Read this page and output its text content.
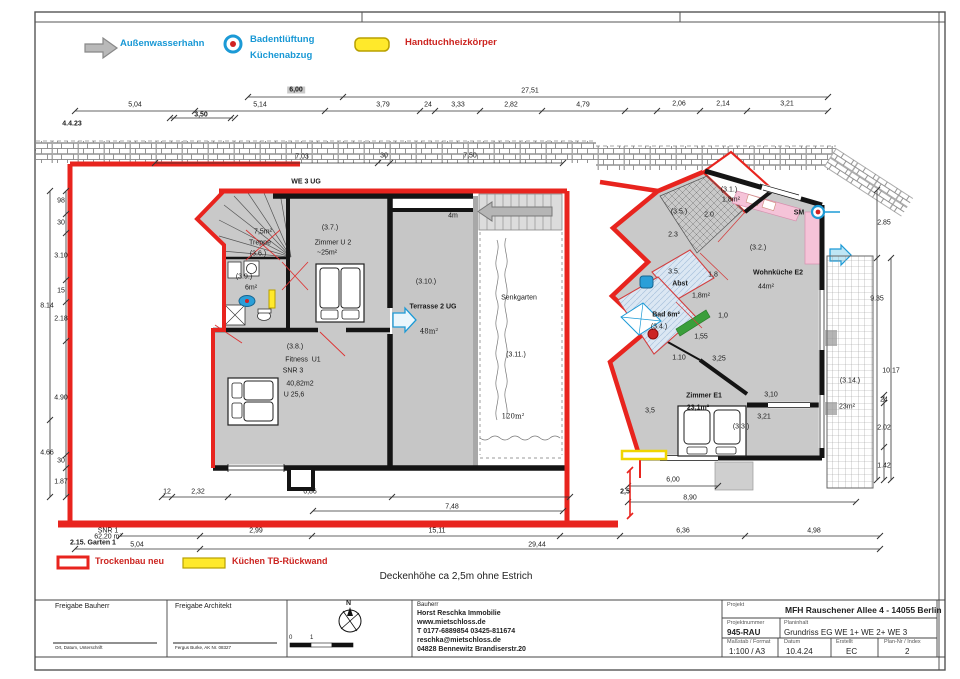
6,00	27,51
5,04	5,14	3,79	24	3,33	2,82	4,79	2,06	2,14	3,21
3,50
4.4.23
7,03	30	7,50
98
30
3.10
15
2.18
8.14
4.90
30
1.87
4.66
2.85
9.35
10.17
24
2.02
1.42
12	2,32	6,86
7,48
2,99	15,11	6,36	4,98
5,04	29,44
SNR 1
62,20 m²
2.15. Garten 1
WE 3 UG
(3.7.)
Zimmer U 2
~25m²
7,5m²
Treppe
(3.6.)
(3.9.)
6m²
(3.8.)
Fitness  U1
SNR 3
40,82m2
U 25,6
(3.10.)
Terrasse 2 UG
48m²
Senkgarten
(3.11.)
120m²
4m
(3.1.)
1,8m²
(3.5.) 2.0
2.3
(3.2.)
Wohnküche E2
44m²
SM
3.5.
Abst
1,8m²
Bad 6m²
(3.4.)
1,8
1,0
1,55
1.10	3,25
3,10
3,21
3,5
Zimmer E1
23,1m²
(3.3.)
(3.14.)
23m²
6,00
8,90
2,5
Außenwasserhahn	Badentlüftung
Küchenabzug
Handtuchheizkörper
Trockenbau neu	Küchen TB-Rückwand
Deckenhöhe ca 2,5m ohne Estrich
Freigabe Bauherr
Ort, Datum, Unterschrift
Freigabe Architekt
Fergus Burke, AK Nr. 08327
N
0	1
Bauherr
Horst Reschka Immobilie
www.mietschloss.de
T 0177-6889854 03425-811674
reschka@mietschloss.de
04828 Bennewitz Brandiserstr.20
Projekt	MFH Rauschener Allee 4 - 14055 Berlin
Projektnummer
945-RAU
Planinhalt
Grundriss EG WE 1+ WE 2+ WE 3
Maßstab / Format
1:100 / A3
Datum
10.4.24
Erstellt
EC
Plan-Nr / Index
2
